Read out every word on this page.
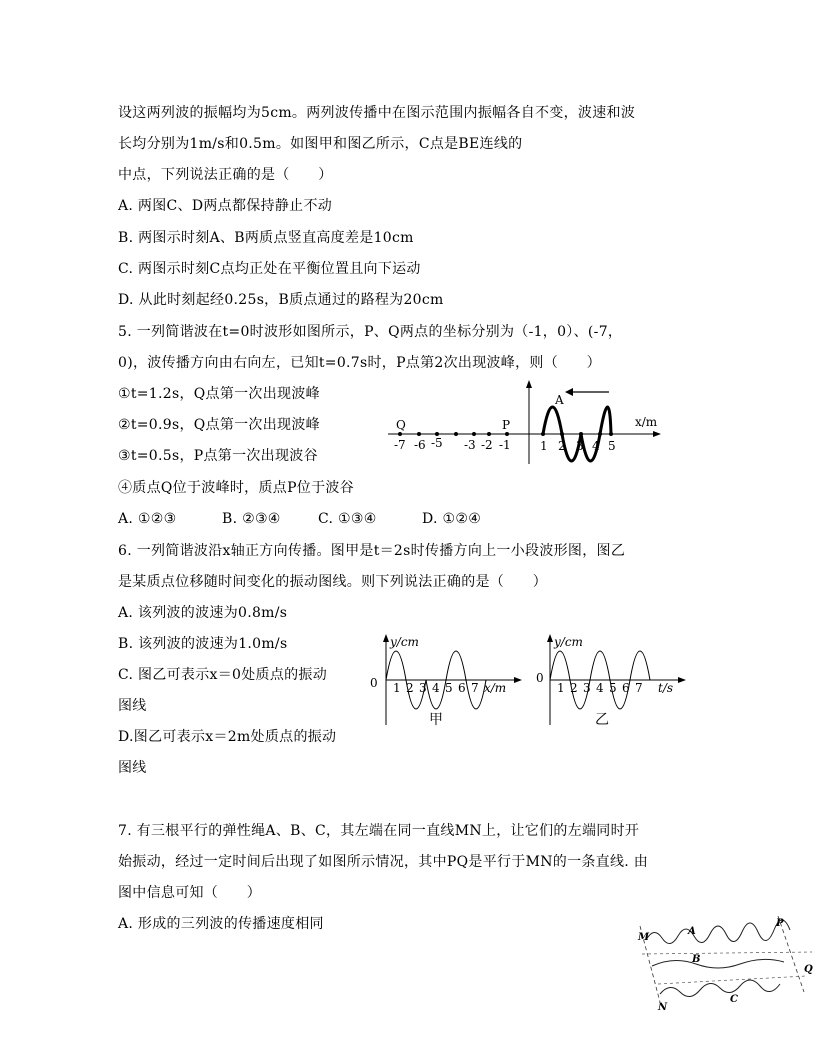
设这两列波的振幅均为5cm。两列波传播中在图示范围内振幅各自不变，波速和波
长均分别为1m/s和0.5m。如图甲和图乙所示，C点是BE连线的
中点，下列说法正确的是（　　）
A. 两图C、D两点都保持静止不动
B. 两图示时刻A、B两质点竖直高度差是10cm
C. 两图示时刻C点均正处在平衡位置且向下运动
D. 从此时刻起经0.25s，B质点通过的路程为20cm
5. 一列简谐波在t=0时波形如图所示，P、Q两点的坐标分别为（-1，0）、(-7，
0)，波传播方向由右向左，已知t=0.7s时，P点第2次出现波峰，则（　　）
①t=1.2s，Q点第一次出现波峰
②t=0.9s，Q点第一次出现波峰
③t=0.5s，P点第一次出现波谷
④质点Q位于波峰时，质点P位于波谷
A. ①②③	B. ②③④	C. ①③④	D. ①②④
Q	P
A
x/m
-7 -6 -5 -3 -2 -1 1 2 3 4 5
6. 一列简谐波沿x轴正方向传播。图甲是t＝2s时传播方向上一小段波形图，图乙
是某质点位移随时间变化的振动图线。则下列说法正确的是（　　）
A. 该列波的波速为0.8m/s
B. 该列波的波速为1.0m/s
C. 图乙可表示x＝0处质点的振动
图线
D.图乙可表示x＝2m处质点的振动
图线
y/cm
0 1 2 3 4 5 6 7 x/m
甲
y/cm
0
1 2 3 4 5 6 7 t/s
乙
7. 有三根平行的弹性绳A、B、C，其左端在同一直线MN上，让它们的左端同时开
始振动，经过一定时间后出现了如图所示情况，其中PQ是平行于MN的一条直线. 由
图中信息可知（　　）
A. 形成的三列波的传播速度相同
M
A
P
B
Q
N
C
